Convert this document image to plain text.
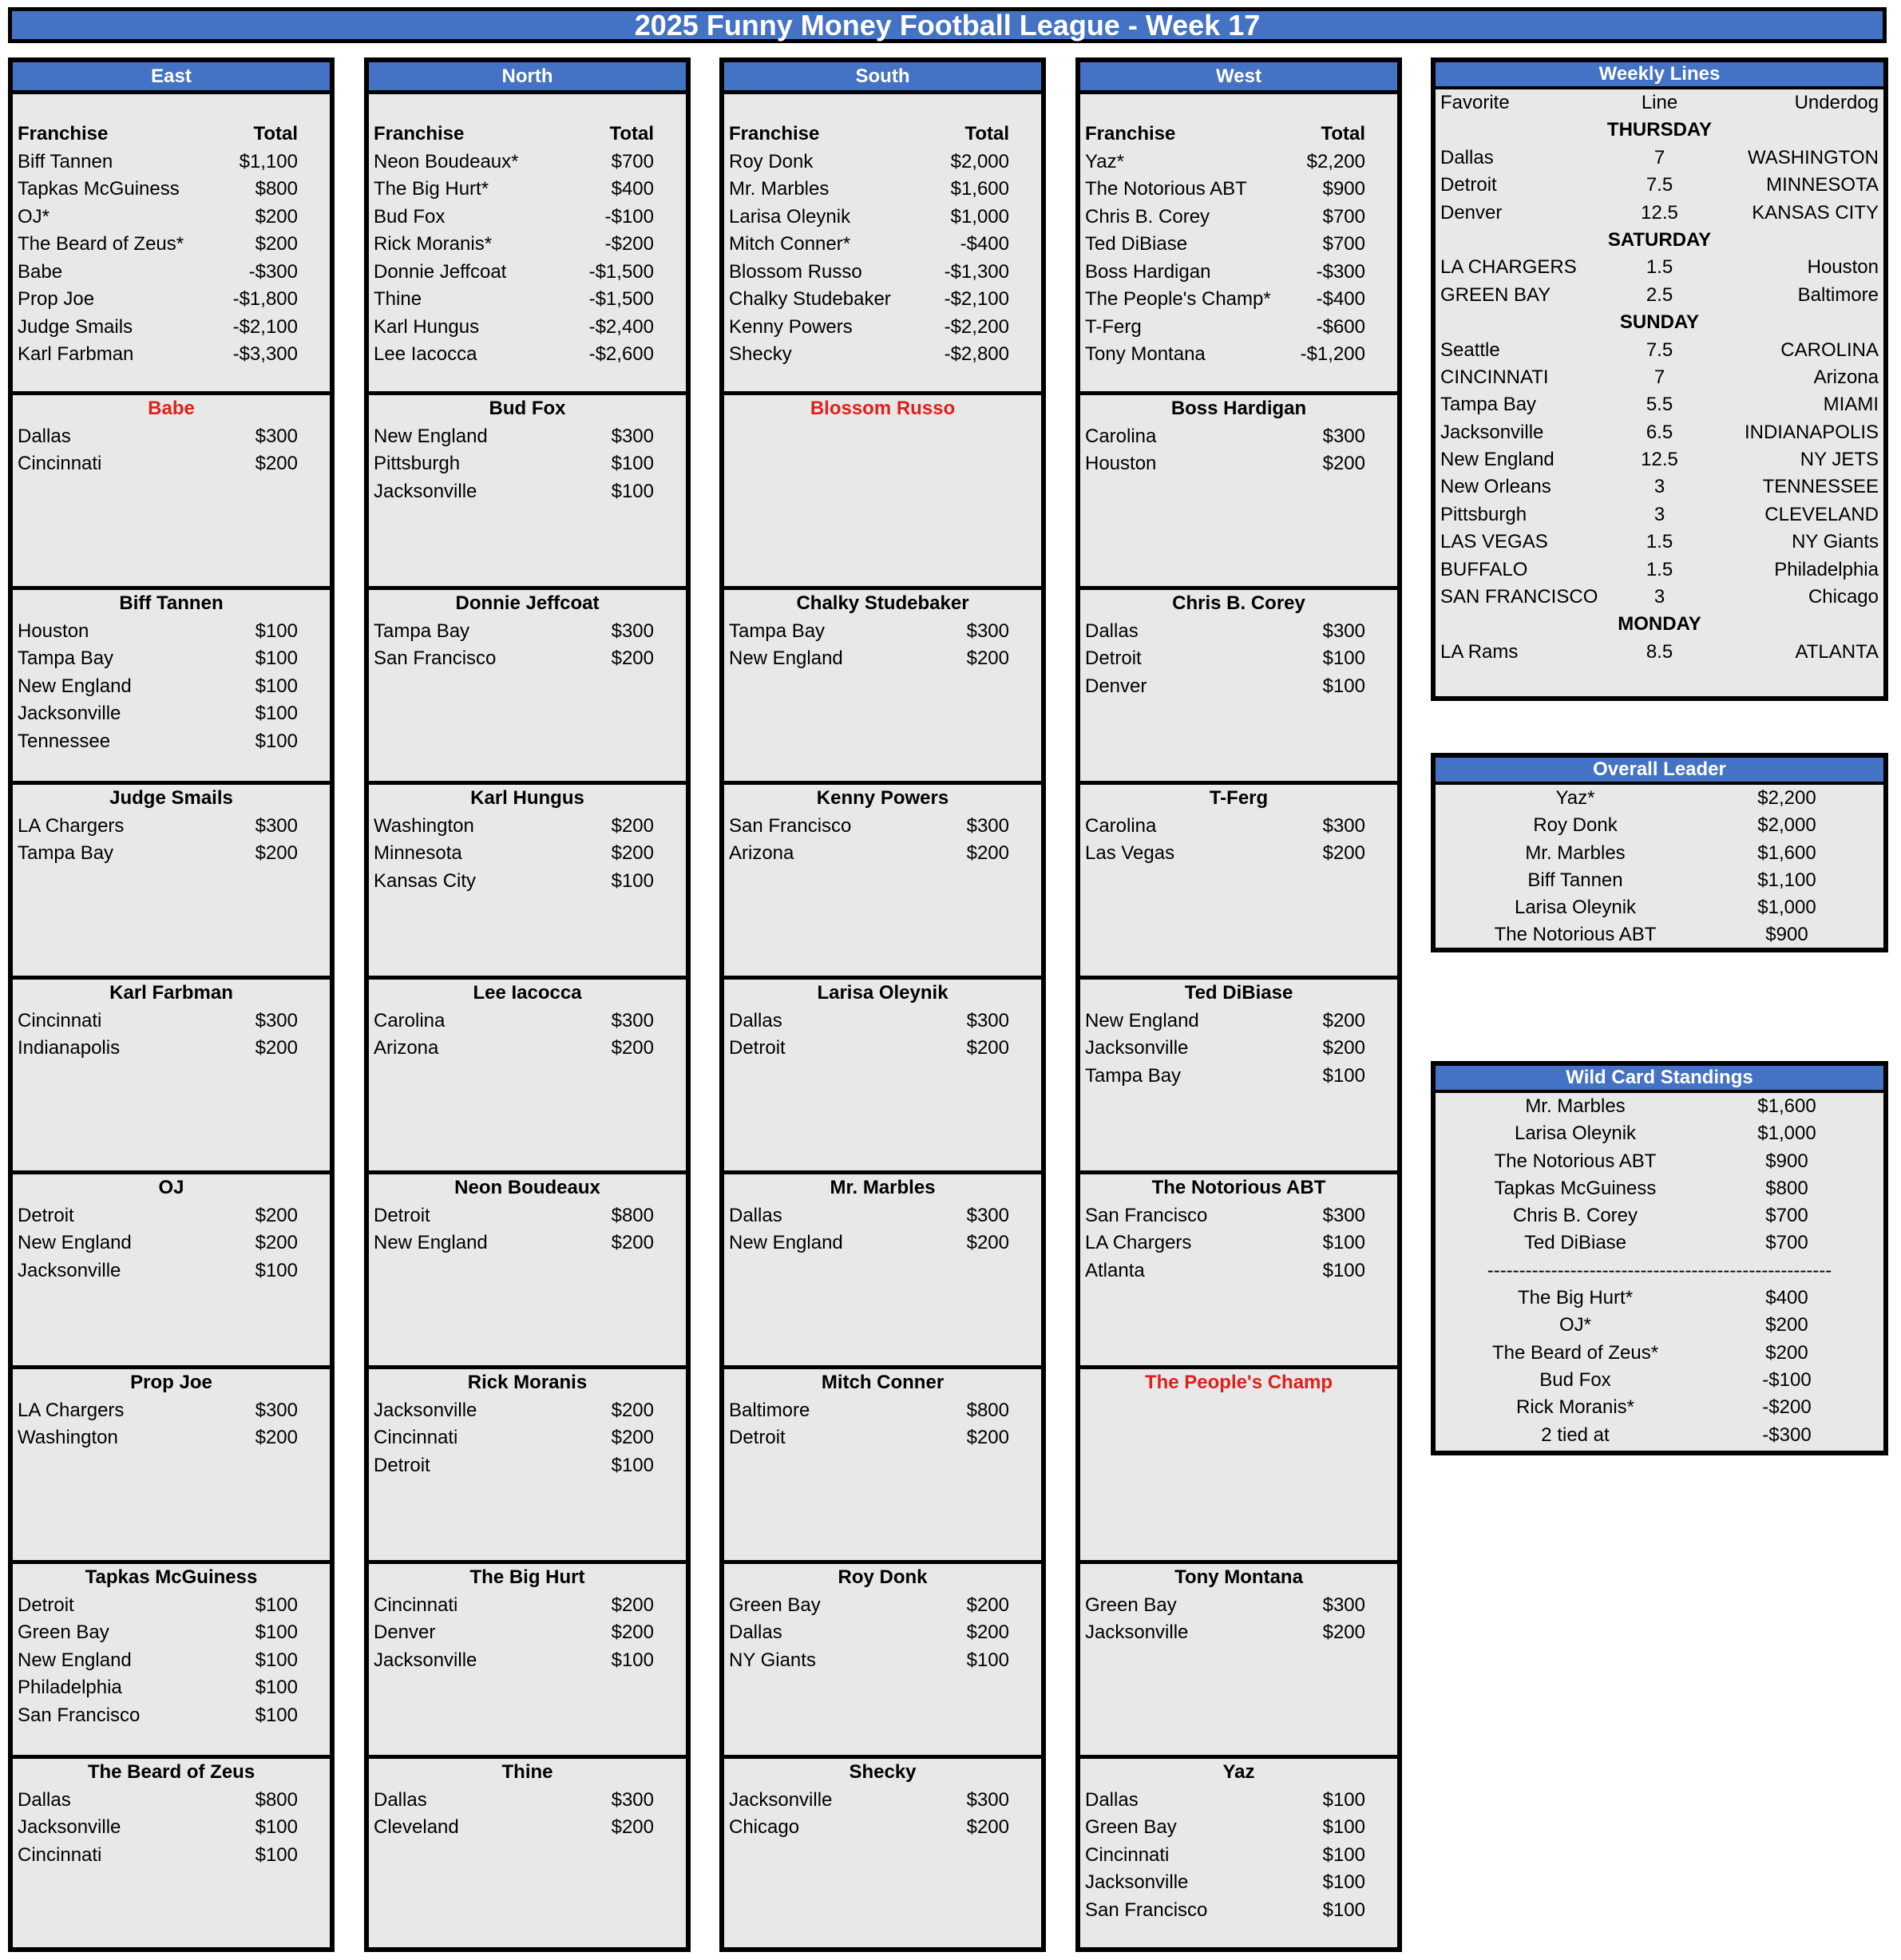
2025 Funny Money Football League - Week 17
East
Franchise	Total
Biff Tannen	$1,100
Tapkas McGuiness	$800
OJ*	$200
The Beard of Zeus*	$200
Babe	-$300
Prop Joe	-$1,800
Judge Smails	-$2,100
Karl Farbman	-$3,300
Babe
Dallas	$300
Cincinnati	$200
Biff Tannen
Houston	$100
Tampa Bay	$100
New England	$100
Jacksonville	$100
Tennessee	$100
Judge Smails
LA Chargers	$300
Tampa Bay	$200
Karl Farbman
Cincinnati	$300
Indianapolis	$200
OJ
Detroit	$200
New England	$200
Jacksonville	$100
Prop Joe
LA Chargers	$300
Washington	$200
Tapkas McGuiness
Detroit	$100
Green Bay	$100
New England	$100
Philadelphia	$100
San Francisco	$100
The Beard of Zeus
Dallas	$800
Jacksonville	$100
Cincinnati	$100
North
Franchise	Total
Neon Boudeaux*	$700
The Big Hurt*	$400
Bud Fox	-$100
Rick Moranis*	-$200
Donnie Jeffcoat	-$1,500
Thine	-$1,500
Karl Hungus	-$2,400
Lee Iacocca	-$2,600
Bud Fox
New England	$300
Pittsburgh	$100
Jacksonville	$100
Donnie Jeffcoat
Tampa Bay	$300
San Francisco	$200
Karl Hungus
Washington	$200
Minnesota	$200
Kansas City	$100
Lee Iacocca
Carolina	$300
Arizona	$200
Neon Boudeaux
Detroit	$800
New England	$200
Rick Moranis
Jacksonville	$200
Cincinnati	$200
Detroit	$100
The Big Hurt
Cincinnati	$200
Denver	$200
Jacksonville	$100
Thine
Dallas	$300
Cleveland	$200
South
Franchise	Total
Roy Donk	$2,000
Mr. Marbles	$1,600
Larisa Oleynik	$1,000
Mitch Conner*	-$400
Blossom Russo	-$1,300
Chalky Studebaker	-$2,100
Kenny Powers	-$2,200
Shecky	-$2,800
Blossom Russo
Chalky Studebaker
Tampa Bay	$300
New England	$200
Kenny Powers
San Francisco	$300
Arizona	$200
Larisa Oleynik
Dallas	$300
Detroit	$200
Mr. Marbles
Dallas	$300
New England	$200
Mitch Conner
Baltimore	$800
Detroit	$200
Roy Donk
Green Bay	$200
Dallas	$200
NY Giants	$100
Shecky
Jacksonville	$300
Chicago	$200
West
Franchise	Total
Yaz*	$2,200
The Notorious ABT	$900
Chris B. Corey	$700
Ted DiBiase	$700
Boss Hardigan	-$300
The People's Champ* -$400
T-Ferg	-$600
Tony Montana	-$1,200
Boss Hardigan
Carolina	$300
Houston	$200
Chris B. Corey
Dallas	$300
Detroit	$100
Denver	$100
T-Ferg
Carolina	$300
Las Vegas	$200
Ted DiBiase
New England	$200
Jacksonville	$200
Tampa Bay	$100
The Notorious ABT
San Francisco	$300
LA Chargers	$100
Atlanta	$100
The People's Champ
Tony Montana
Green Bay	$300
Jacksonville	$200
Yaz
Dallas	$100
Green Bay	$100
Cincinnati	$100
Jacksonville	$100
San Francisco	$100
Weekly Lines
Favorite	Line	Underdog
THURSDAY
Dallas	7	WASHINGTON
Detroit	7.5	MINNESOTA
Denver	12.5	KANSAS CITY
SATURDAY
LA CHARGERS	1.5	Houston
GREEN BAY	2.5	Baltimore
SUNDAY
Seattle	7.5	CAROLINA
CINCINNATI	7	Arizona
Tampa Bay	5.5	MIAMI
Jacksonville	6.5	INDIANAPOLIS
New England	12.5	NY JETS
New Orleans	3	TENNESSEE
Pittsburgh	3	CLEVELAND
LAS VEGAS	1.5	NY Giants
BUFFALO	1.5	Philadelphia
SAN FRANCISCO	3	Chicago
MONDAY
LA Rams	8.5	ATLANTA
Overall Leader
Yaz*	$2,200
Roy Donk	$2,000
Mr. Marbles	$1,600
Biff Tannen	$1,100
Larisa Oleynik	$1,000
The Notorious ABT	$900
Wild Card Standings
Mr. Marbles	$1,600
Larisa Oleynik	$1,000
The Notorious ABT	$900
Tapkas McGuiness	$800
Chris B. Corey	$700
Ted DiBiase	$700
------------------------------------------------------
The Big Hurt*	$400
OJ*	$200
The Beard of Zeus*	$200
Bud Fox	-$100
Rick Moranis*	-$200
2 tied at	-$300
